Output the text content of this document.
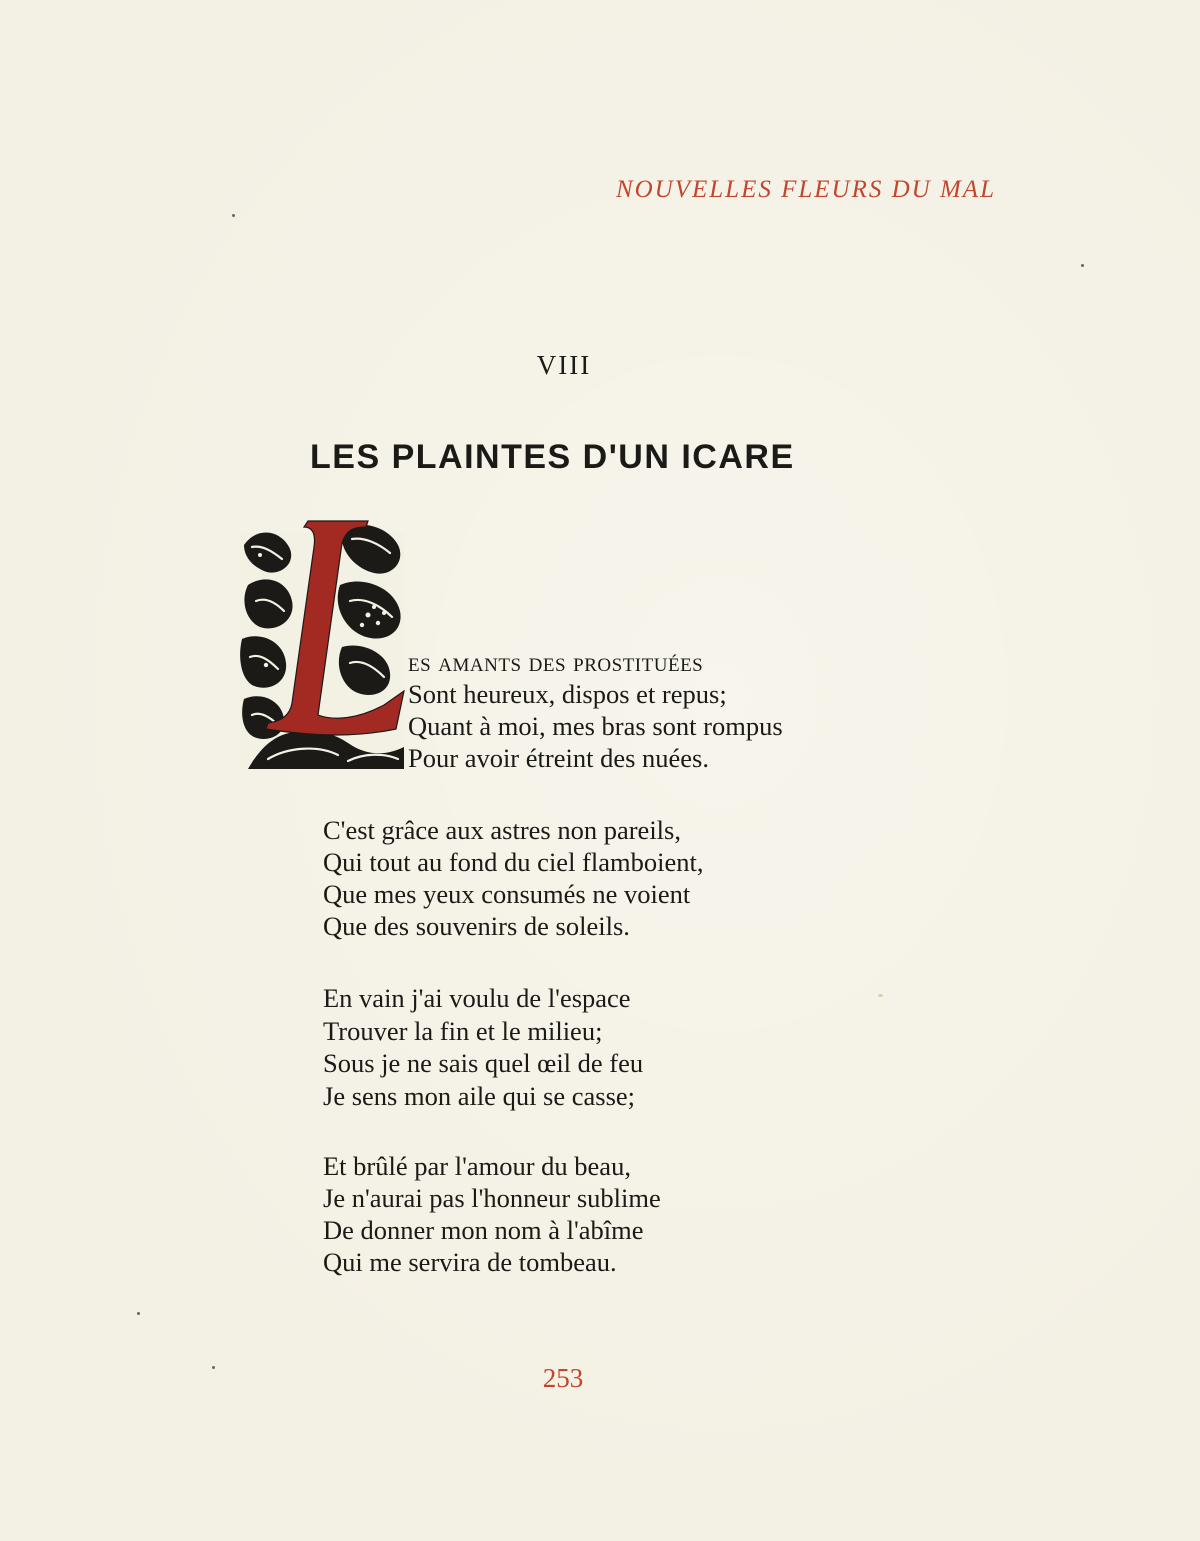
NOUVELLES FLEURS DU MAL
VIII
LES PLAINTES D'UN ICARE
es amants des prostituées
Sont heureux, dispos et repus;
Quant à moi, mes bras sont rompus
Pour avoir étreint des nuées.
C'est grâce aux astres non pareils,
Qui tout au fond du ciel flamboient,
Que mes yeux consumés ne voient
Que des souvenirs de soleils.
En vain j'ai voulu de l'espace
Trouver la fin et le milieu;
Sous je ne sais quel œil de feu
Je sens mon aile qui se casse;
Et brûlé par l'amour du beau,
Je n'aurai pas l'honneur sublime
De donner mon nom à l'abîme
Qui me servira de tombeau.
253
